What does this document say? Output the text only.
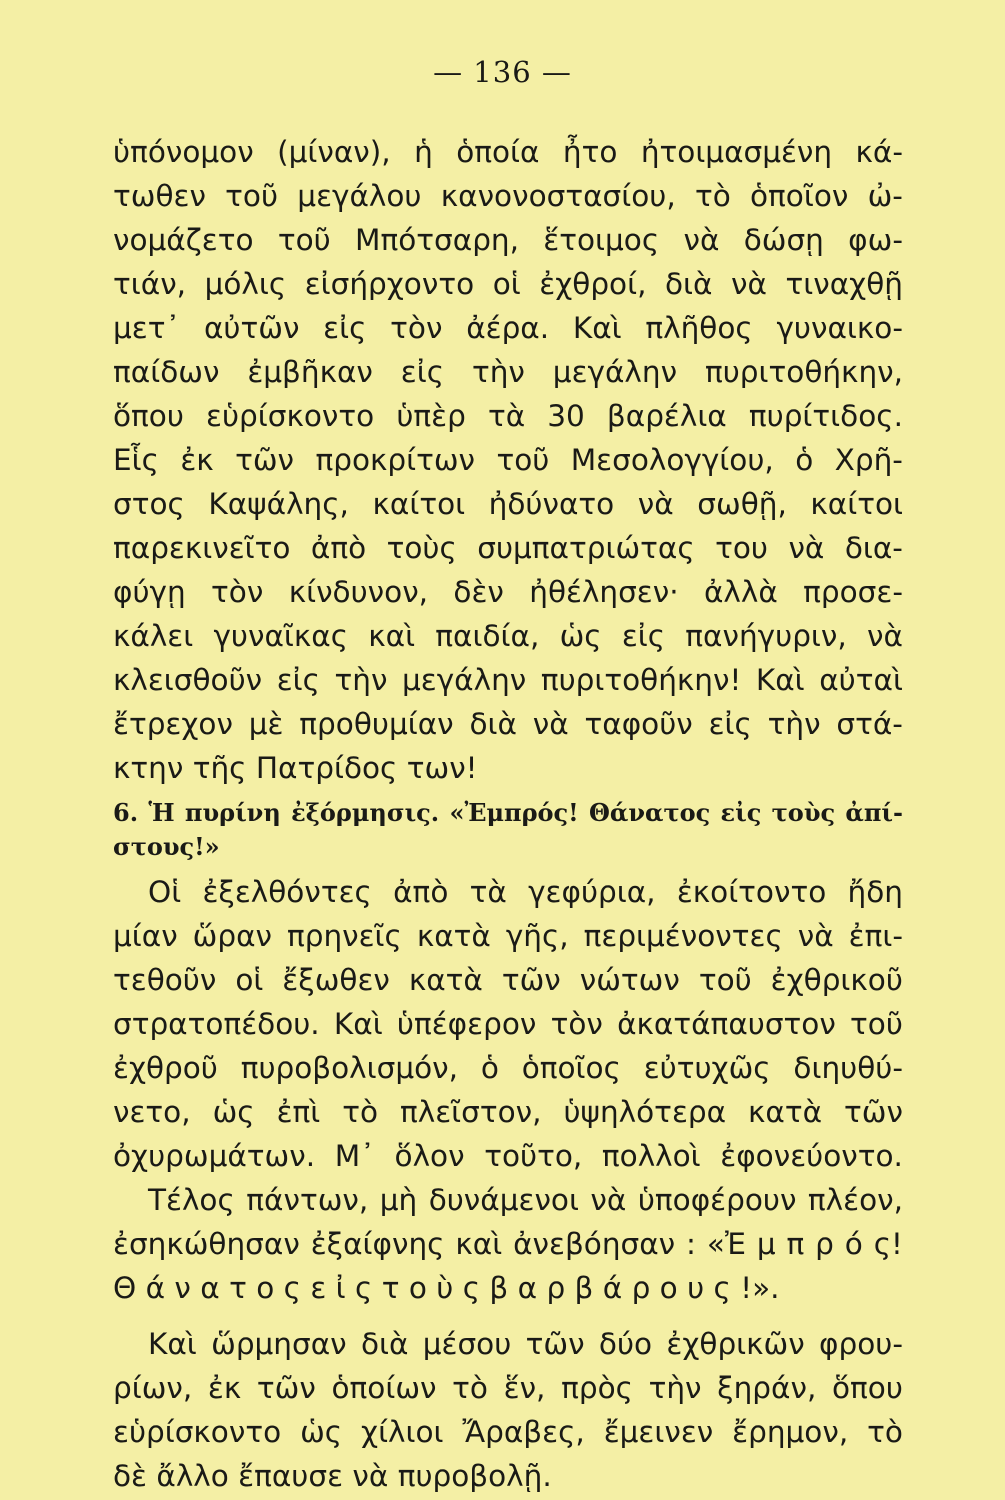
— 136 —
ὑπόνομον (μίναν), ἡ ὁποία ἦτο ἠτοιμασμένη κά-
τωθεν τοῦ μεγάλου κανονοστασίου, τὸ ὁποῖον ὠ-
νομάζετο τοῦ Μπότσαρη, ἕτοιμος νὰ δώσῃ φω-
τιάν, μόλις εἰσήρχοντο οἱ ἐχθροί, διὰ νὰ τιναχθῇ
μετ᾽ αὐτῶν εἰς τὸν ἀέρα. Καὶ πλῆθος γυναικο-
παίδων ἐμβῆκαν εἰς τὴν μεγάλην πυριτοθήκην,
ὅπου εὑρίσκοντο ὑπὲρ τὰ 30 βαρέλια πυρίτιδος.
Εἷς ἐκ τῶν προκρίτων τοῦ Μεσολογγίου, ὁ Χρῆ-
στος Καψάλης, καίτοι ἠδύνατο νὰ σωθῇ, καίτοι
παρεκινεῖτο ἀπὸ τοὺς συμπατριώτας του νὰ δια-
φύγῃ τὸν κίνδυνον, δὲν ἠθέλησεν· ἀλλὰ προσε-
κάλει γυναῖκας καὶ παιδία, ὡς εἰς πανήγυριν, νὰ
κλεισθοῦν εἰς τὴν μεγάλην πυριτοθήκην! Καὶ αὐταὶ
ἔτρεχον μὲ προθυμίαν διὰ νὰ ταφοῦν εἰς τὴν στά-
κτην τῆς Πατρίδος των!
6. Ἡ πυρίνη ἐξόρμησις. «Ἐμπρός! Θάνατος εἰς τοὺς ἀπί-
στους!»
Οἱ ἐξελθόντες ἀπὸ τὰ γεφύρια, ἐκοίτοντο ἤδη
μίαν ὥραν πρηνεῖς κατὰ γῆς, περιμένοντες νὰ ἐπι-
τεθοῦν οἱ ἔξωθεν κατὰ τῶν νώτων τοῦ ἐχθρικοῦ
στρατοπέδου. Καὶ ὑπέφερον τὸν ἀκατάπαυστον τοῦ
ἐχθροῦ πυροβολισμόν, ὁ ὁποῖος εὐτυχῶς διηυθύ-
νετο, ὡς ἐπὶ τὸ πλεῖστον, ὑψηλότερα κατὰ τῶν
ὀχυρωμάτων. Μ᾽ ὅλον τοῦτο, πολλοὶ ἐφονεύοντο.
Τέλος πάντων, μὴ δυνάμενοι νὰ ὑποφέρουν πλέον,
ἐσηκώθησαν ἐξαίφνης καὶ ἀνεβόησαν : «Ἐ μ π ρ ό ς!
Θ ά ν α τ ο ς ε ἰ ς τ ο ὺ ς β α ρ β ά ρ ο υ ς !».
Καὶ ὥρμησαν διὰ μέσου τῶν δύο ἐχθρικῶν φρου-
ρίων, ἐκ τῶν ὁποίων τὸ ἕν, πρὸς τὴν ξηράν, ὅπου
εὑρίσκοντο ὡς χίλιοι Ἄραβες, ἔμεινεν ἔρημον, τὸ
δὲ ἄλλο ἔπαυσε νὰ πυροβολῇ.
